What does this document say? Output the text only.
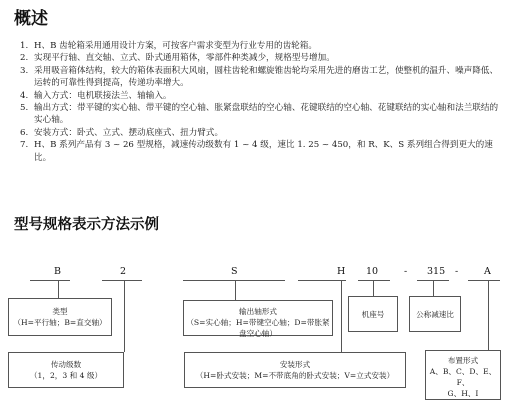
概述
1. H、B 齿轮箱采用通用设计方案，可按客户需求变型为行业专用的齿轮箱。
2. 实现平行轴、直交轴、立式、卧式通用箱体，零部件种类减少，规格型号增加。
3. 采用吸音箱体结构，较大的箱体表面积大风扇，圆柱齿轮和螺旋锥齿轮均采用先进的磨齿工艺，使整机的温升、噪声降低、运转的可靠性得到提高，传递功率增大。
4. 输入方式：电机联接法兰、轴输入。
5. 输出方式：带平键的实心轴、带平键的空心轴、胀紧盘联结的空心轴、花键联结的空心轴、花键联结的实心轴和法兰联结的实心轴。
6. 安装方式：卧式、立式、摆动底座式、扭力臂式。
7. H、B 系列产品有 3 ~ 26 型规格，减速传动级数有 1 ~ 4 级，速比 1. 25 ~ 450，和 R、K、S 系列组合得到更大的速比。
型号规格表示方法示例
B	2	S	H 10	- 315 -	A
类型
（H=平行轴；B=直交轴）
输出轴形式
（S=实心轴；H=带键空心轴；D=带胀紧盘空心轴）
机座号	公称减速比
传动级数
（1，2，3 和 4 级）
安装形式
（H=卧式安装；M=不带底角的卧式安装；V=立式安装）
布置形式
A、B、C、D、E、F、
G、H、I
